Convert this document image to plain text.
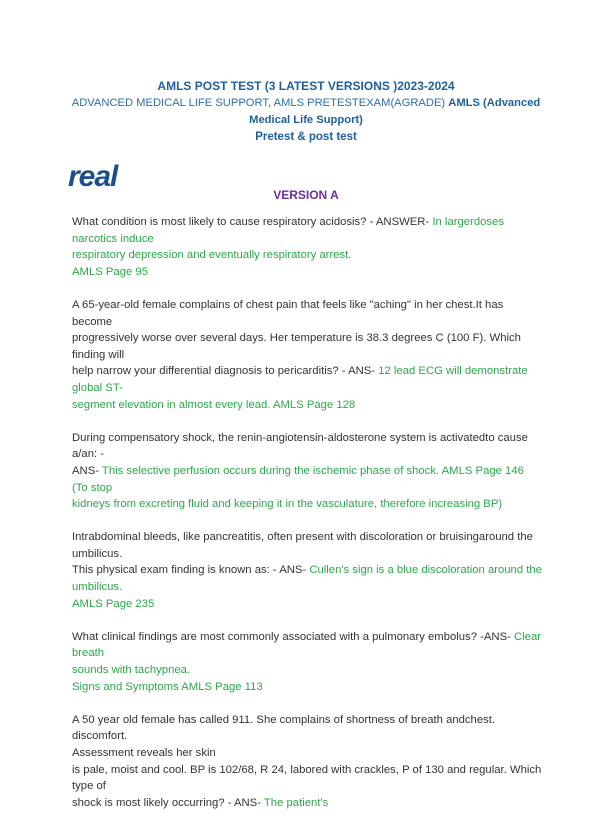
AMLS POST TEST (3 LATEST VERSIONS )2023-2024
ADVANCED MEDICAL LIFE SUPPORT, AMLS PRETESTEXAM(AGRADE) AMLS (Advanced Medical Life Support)
Pretest & post test
real
VERSION A
What condition is most likely to cause respiratory acidosis? - ANSWER- In largerdoses narcotics induce
respiratory depression and eventually respiratory arrest.
AMLS Page 95
A 65-year-old female complains of chest pain that feels like "aching" in her chest.It has become
progressively worse over several days. Her temperature is 38.3 degrees C (100 F). Which finding will
help narrow your differential diagnosis to pericarditis? - ANS- 12 lead ECG will demonstrate global ST-
segment elevation in almost every lead. AMLS Page 128
During compensatory shock, the renin-angiotensin-aldosterone system is activatedto cause a/an: -
ANS- This selective perfusion occurs during the ischemic phase of shock. AMLS Page 146 (To stop
kidneys from excreting fluid and keeping it in the vasculature, therefore increasing BP)
Intrabdominal bleeds, like pancreatitis, often present with discoloration or bruisingaround the umbilicus.
This physical exam finding is known as: - ANS- Cullen's sign is a blue discoloration around the umbilicus.
AMLS Page 235
What clinical findings are most commonly associated with a pulmonary embolus? -ANS- Clear breath
sounds with tachypnea.
Signs and Symptoms AMLS Page 113
A 50 year old female has called 911. She complains of shortness of breath andchest. discomfort.
Assessment reveals her skin
is pale, moist and cool. BP is 102/68, R 24, labored with crackles, P of 130 and regular. Which type of
shock is most likely occurring? - ANS- The patient's
